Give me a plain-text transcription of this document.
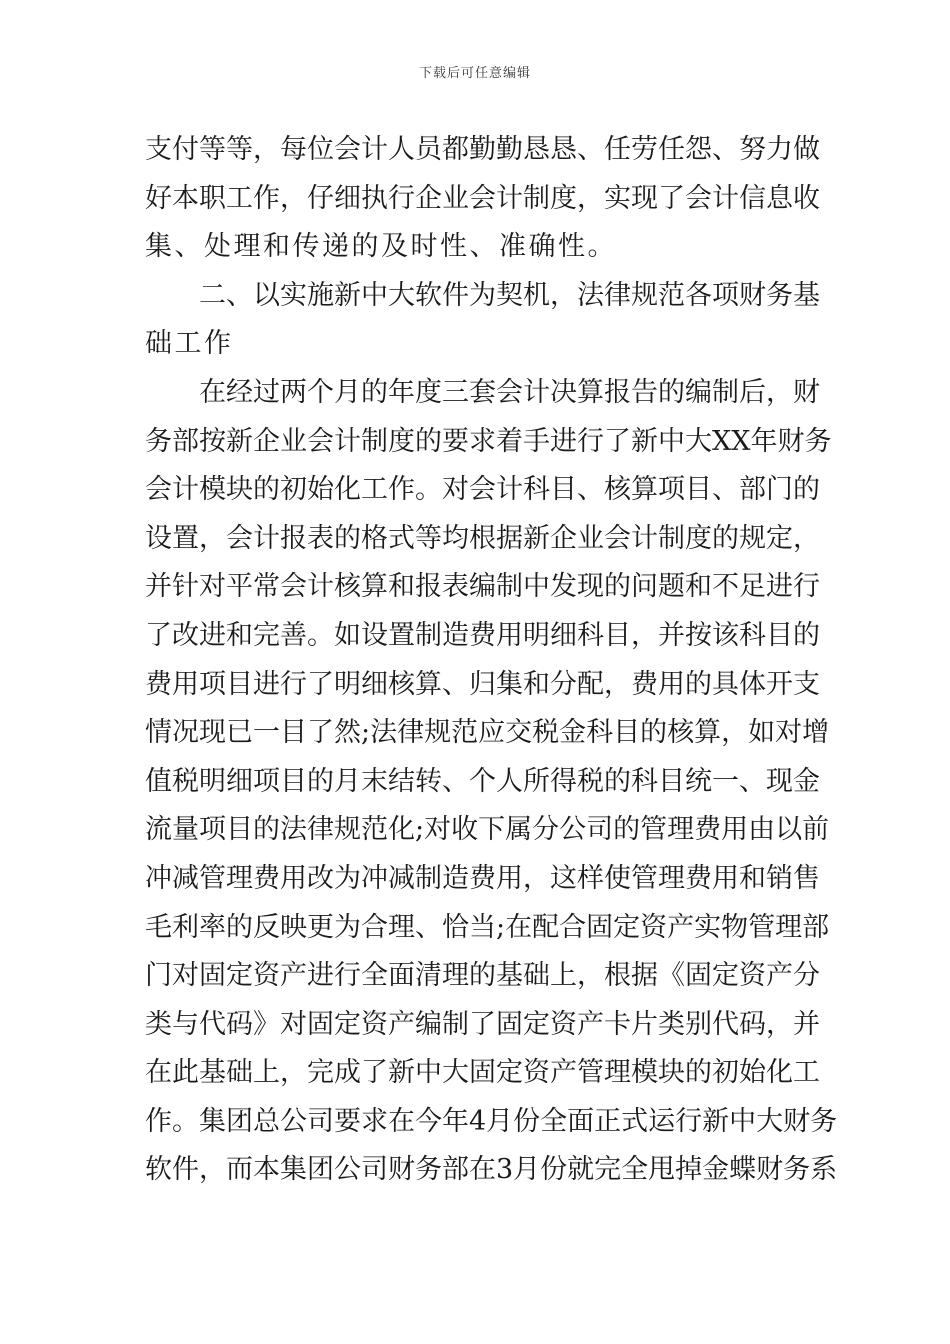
下载后可任意编辑
支付等等，每位会计人员都勤勤恳恳、任劳任怨、努力做
好本职工作，仔细执行企业会计制度，实现了会计信息收
集、处理和传递的及时性、准确性。
二、以实施新中大软件为契机，法律规范各项财务基
础工作
在经过两个月的年度三套会计决算报告的编制后，财
务部按新企业会计制度的要求着手进行了新中大XX年财务
会计模块的初始化工作。对会计科目、核算项目、部门的
设置，会计报表的格式等均根据新企业会计制度的规定，
并针对平常会计核算和报表编制中发现的问题和不足进行
了改进和完善。如设置制造费用明细科目，并按该科目的
费用项目进行了明细核算、归集和分配，费用的具体开支
情况现已一目了然;法律规范应交税金科目的核算，如对增
值税明细项目的月末结转、个人所得税的科目统一、现金
流量项目的法律规范化;对收下属分公司的管理费用由以前
冲减管理费用改为冲减制造费用，这样使管理费用和销售
毛利率的反映更为合理、恰当;在配合固定资产实物管理部
门对固定资产进行全面清理的基础上，根据《固定资产分
类与代码》对固定资产编制了固定资产卡片类别代码，并
在此基础上，完成了新中大固定资产管理模块的初始化工
作。集团总公司要求在今年4月份全面正式运行新中大财务
软件，而本集团公司财务部在3月份就完全甩掉金蝶财务系
